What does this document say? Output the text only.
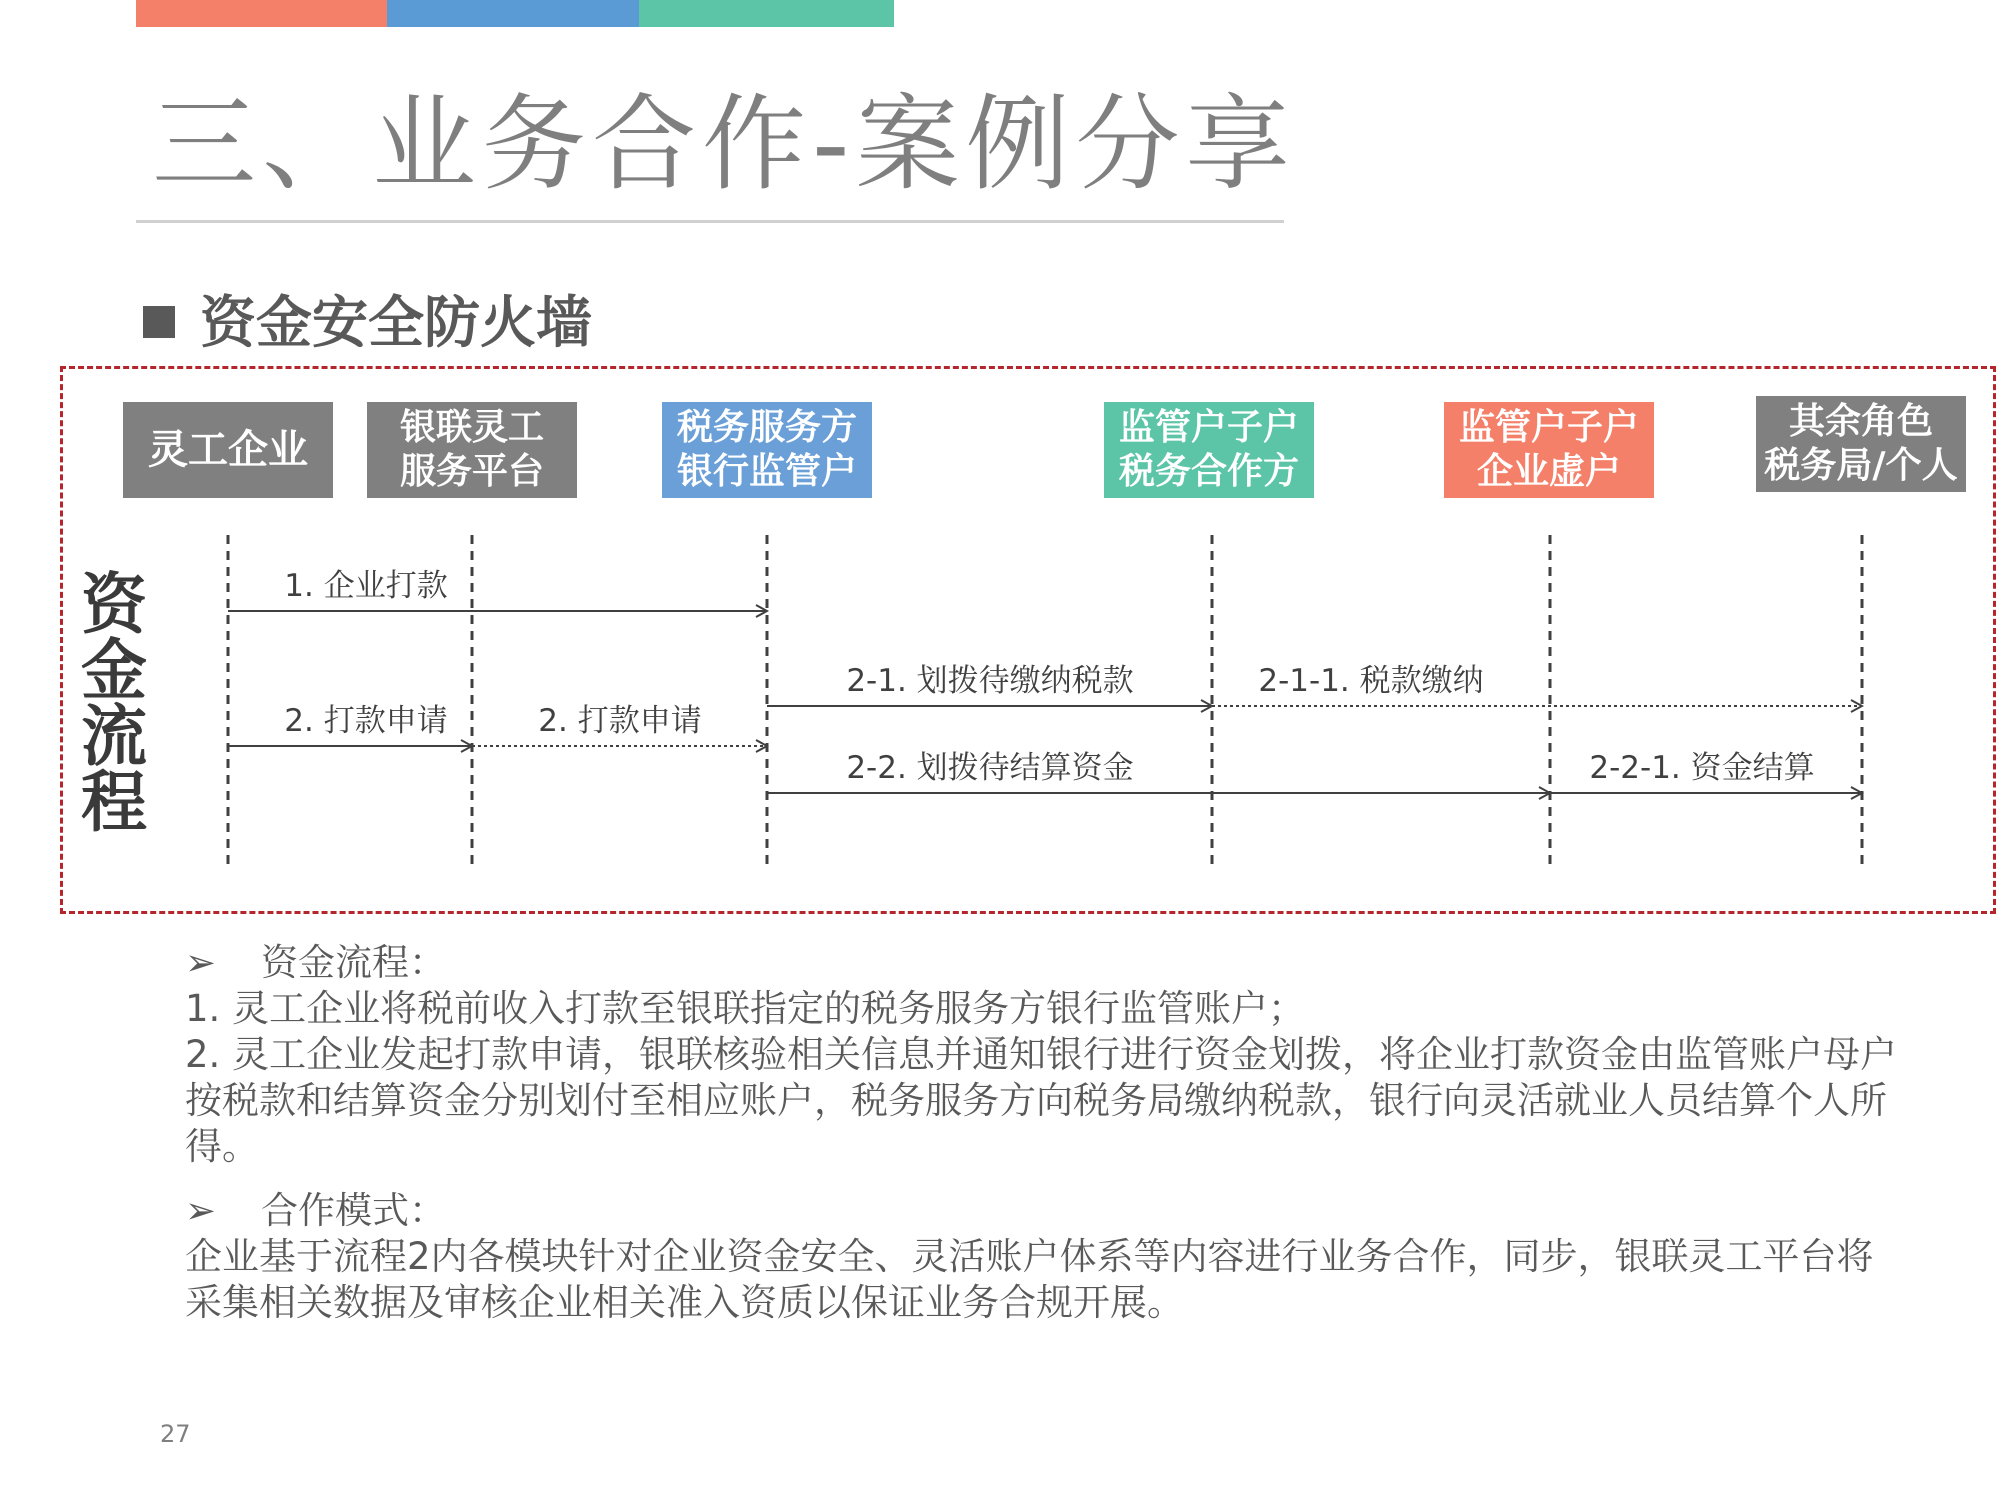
三、业务合作-案例分享
资金安全防火墙
资
金
流
程
灵工企业	银联灵工
服务平台
税务服务方
银行监管户
监管户子户
税务合作方
监管户子户
企业虚户
其余角色
税务局/个人
1. 企业打款
2. 打款申请	2. 打款申请
2-1. 划拨待缴纳税款	2-1-1. 税款缴纳
2-2. 划拨待结算资金	2-2-1. 资金结算

➢ 资金流程：

1. 灵工企业将税前收入打款至银联指定的税务服务方银行监管账户；

2. 灵工企业发起打款申请，银联核验相关信息并通知银行进行资金划拨，将企业打款资金由监管账户母户按税款和结算资金分别划付至相应账户，税务服务方向税务局缴纳税款，银行向灵活就业人员结算个人所得。

➢ 合作模式：

企业基于流程2内各模块针对企业资金安全、灵活账户体系等内容进行业务合作，同步，银联灵工平台将采集相关数据及审核企业相关准入资质以保证业务合规开展。

27
